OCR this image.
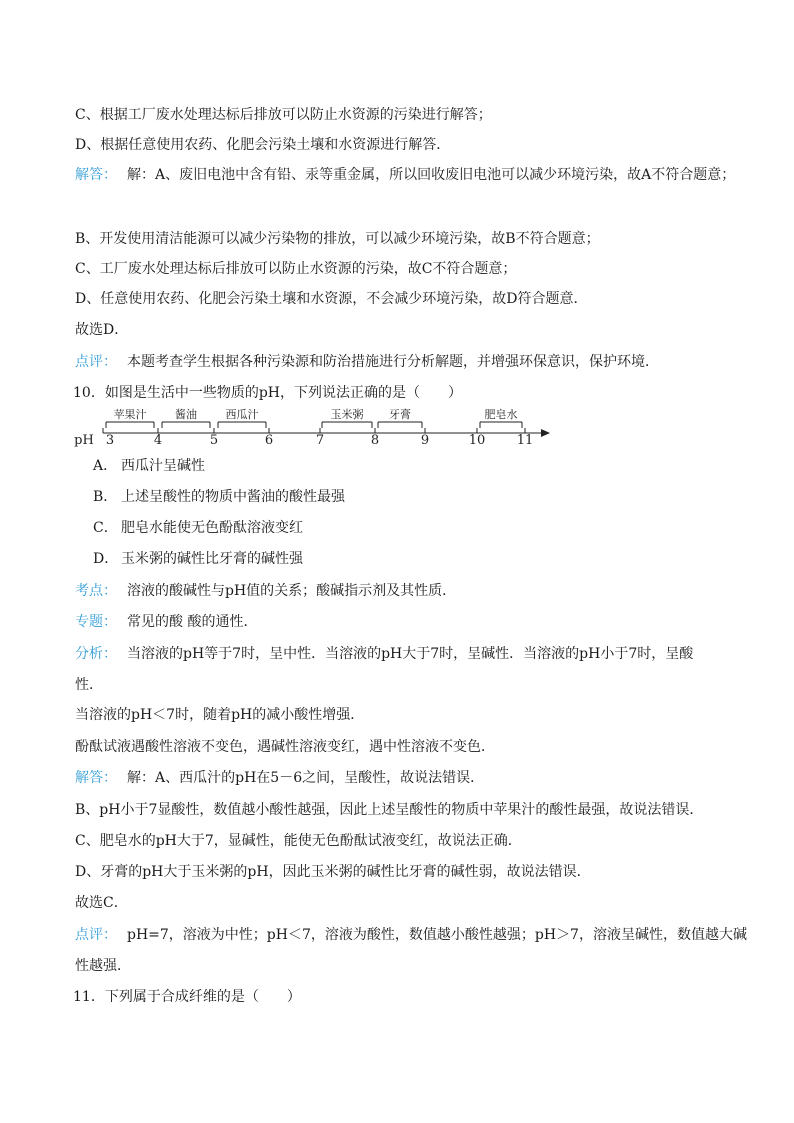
C、根据工厂废水处理达标后排放可以防止水资源的污染进行解答；
D、根据任意使用农药、化肥会污染土壤和水资源进行解答．
解答： 解：A、废旧电池中含有铅、汞等重金属，所以回收废旧电池可以减少环境污染，故A不符合题意；
B、开发使用清洁能源可以减少污染物的排放，可以减少环境污染，故B不符合题意；
C、工厂废水处理达标后排放可以防止水资源的污染，故C不符合题意；
D、任意使用农药、化肥会污染土壤和水资源，不会减少环境污染，故D符合题意．
故选D．
点评： 本题考查学生根据各种污染源和防治措施进行分析解题，并增强环保意识，保护环境．
10．如图是生活中一些物质的pH，下列说法正确的是（　　）
苹果汁	酱油	西瓜汁	玉米粥 牙膏	肥皂水
pH 3	4	5	6	7	8	9	10 11
A． 西瓜汁呈碱性
B． 上述呈酸性的物质中酱油的酸性最强
C． 肥皂水能使无色酚酞溶液变红
D． 玉米粥的碱性比牙膏的碱性强
考点： 溶液的酸碱性与pH值的关系；酸碱指示剂及其性质．
专题： 常见的酸 酸的通性．
分析： 当溶液的pH等于7时，呈中性．当溶液的pH大于7时，呈碱性．当溶液的pH小于7时，呈酸
性．
当溶液的pH＜7时，随着pH的减小酸性增强．
酚酞试液遇酸性溶液不变色，遇碱性溶液变红，遇中性溶液不变色．
解答： 解：A、西瓜汁的pH在5－6之间，呈酸性，故说法错误．
B、pH小于7显酸性，数值越小酸性越强，因此上述呈酸性的物质中苹果汁的酸性最强，故说法错误．
C、肥皂水的pH大于7，显碱性，能使无色酚酞试液变红，故说法正确．
D、牙膏的pH大于玉米粥的pH，因此玉米粥的碱性比牙膏的碱性弱，故说法错误．
故选C．
点评： pH=7，溶液为中性；pH＜7，溶液为酸性，数值越小酸性越强；pH＞7，溶液呈碱性，数值越大碱
性越强．
11．下列属于合成纤维的是（　　）
